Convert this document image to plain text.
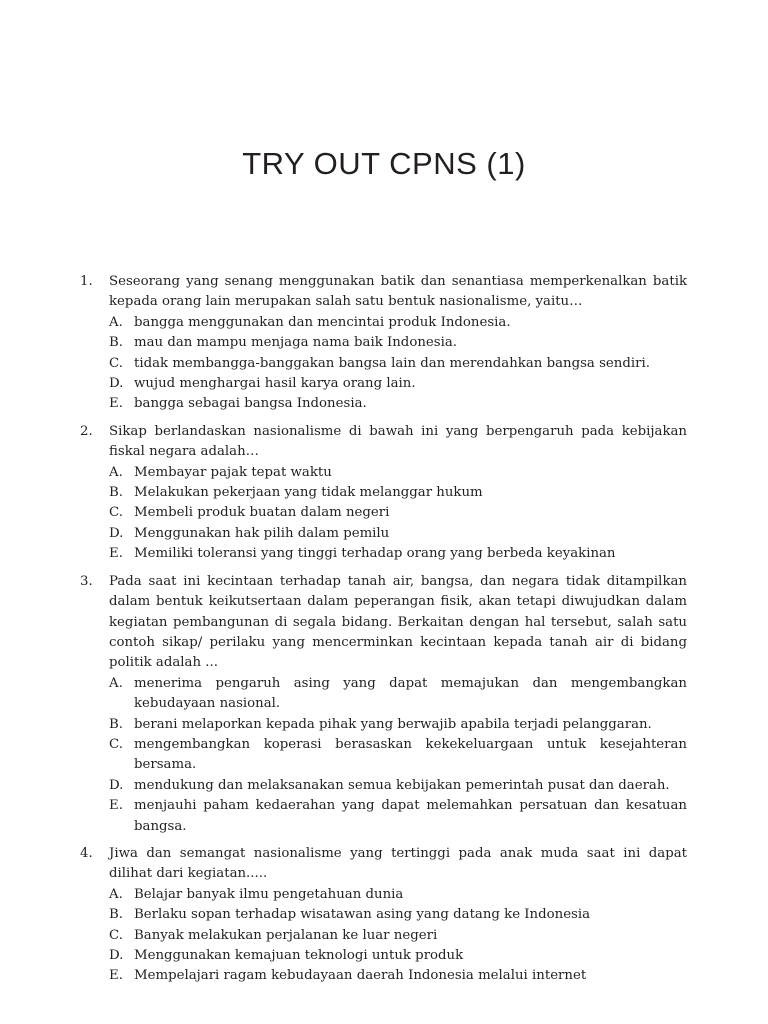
TRY OUT CPNS (1)
1.	Seseorang yang senang menggunakan batik dan senantiasa memperkenalkan batik kepada orang lain merupakan salah satu bentuk nasionalisme, yaitu…

A. bangga menggunakan dan mencintai produk Indonesia.
B. mau dan mampu menjaga nama baik Indonesia.
C. tidak membangga-banggakan bangsa lain dan merendahkan bangsa sendiri.
D. wujud menghargai hasil karya orang lain.
E. bangga sebagai bangsa Indonesia.
2.	Sikap berlandaskan nasionalisme di bawah ini yang berpengaruh pada kebijakan fiskal negara adalah…

A. Membayar pajak tepat waktu
B. Melakukan pekerjaan yang tidak melanggar hukum
C. Membeli produk buatan dalam negeri
D. Menggunakan hak pilih dalam pemilu
E. Memiliki toleransi yang tinggi terhadap orang yang berbeda keyakinan
3.	Pada saat ini kecintaan terhadap tanah air, bangsa, dan negara tidak ditampilkan dalam bentuk keikutsertaan dalam peperangan fisik, akan tetapi diwujudkan dalam kegiatan pembangunan di segala bidang. Berkaitan dengan hal tersebut, salah satu contoh sikap/ perilaku yang mencerminkan kecintaan kepada tanah air di bidang politik adalah ...

A. menerima pengaruh asing yang dapat memajukan dan mengembangkan kebudayaan nasional.
B. berani melaporkan kepada pihak yang berwajib apabila terjadi pelanggaran.
C. mengembangkan koperasi berasaskan kekekeluargaan untuk kesejahteran bersama.
D. mendukung dan melaksanakan semua kebijakan pemerintah pusat dan daerah.
E. menjauhi paham kedaerahan yang dapat melemahkan persatuan dan kesatuan bangsa.
4.	Jiwa dan semangat nasionalisme yang tertinggi pada anak muda saat ini dapat dilihat dari kegiatan.....

A. Belajar banyak ilmu pengetahuan dunia
B. Berlaku sopan terhadap wisatawan asing yang datang ke Indonesia
C. Banyak melakukan perjalanan ke luar negeri
D. Menggunakan kemajuan teknologi untuk produk
E. Mempelajari ragam kebudayaan daerah Indonesia melalui internet
